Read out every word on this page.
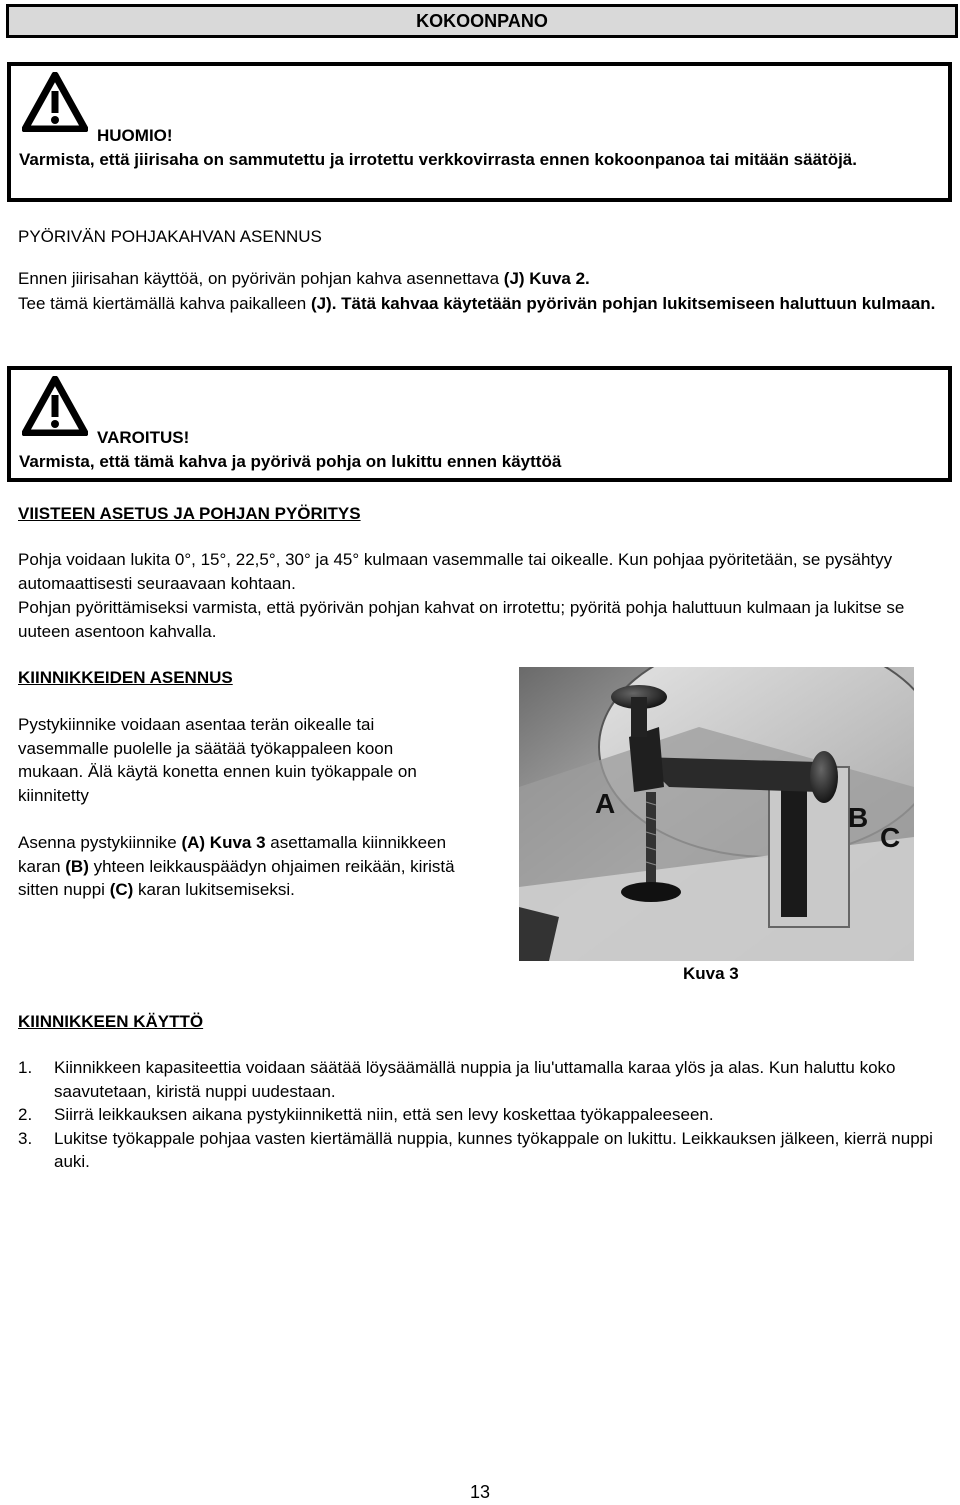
KOKOONPANO

HUOMIO!

Varmista, että jiirisaha on sammutettu ja irrotettu verkkovirrasta ennen kokoonpanoa tai mitään säätöjä.

PYÖRIVÄN POHJAKAHVAN ASENNUS

Ennen jiirisahan käyttöä, on pyörivän pohjan kahva asennettava (J) Kuva 2.

Tee tämä kiertämällä kahva paikalleen (J). Tätä kahvaa käytetään pyörivän pohjan lukitsemiseen haluttuun kulmaan.

VAROITUS!

Varmista, että tämä kahva ja pyörivä pohja on lukittu ennen käyttöä

VIISTEEN ASETUS JA POHJAN PYÖRITYS

Pohja voidaan lukita 0°, 15°, 22,5°, 30° ja 45° kulmaan vasemmalle tai oikealle. Kun pohjaa pyöritetään, se pysähtyy automaattisesti seuraavaan kohtaan.

Pohjan pyörittämiseksi varmista, että pyörivän pohjan kahvat on irrotettu; pyöritä pohja haluttuun kulmaan ja lukitse se uuteen asentoon kahvalla.

KIINNIKKEIDEN ASENNUS

Pystykiinnike voidaan asentaa terän oikealle tai vasemmalle puolelle ja säätää työkappaleen koon mukaan. Älä käytä konetta ennen kuin työkappale on kiinnitetty

Asenna pystykiinnike (A) Kuva 3 asettamalla kiinnikkeen karan (B) yhteen leikkauspäädyn ohjaimen reikään, kiristä sitten nuppi (C) karan lukitsemiseksi.

A	B
C

Kuva 3

KIINNIKKEEN KÄYTTÖ

1.	Kiinnikkeen kapasiteettia voidaan säätää löysäämällä nuppia ja liu'uttamalla karaa ylös ja alas. Kun haluttu koko saavutetaan, kiristä nuppi uudestaan.
2.	Siirrä leikkauksen aikana pystykiinnikettä niin, että sen levy koskettaa työkappaleeseen.
3.	Lukitse työkappale pohjaa vasten kiertämällä nuppia, kunnes työkappale on lukittu. Leikkauksen jälkeen, kierrä nuppi auki.

13
